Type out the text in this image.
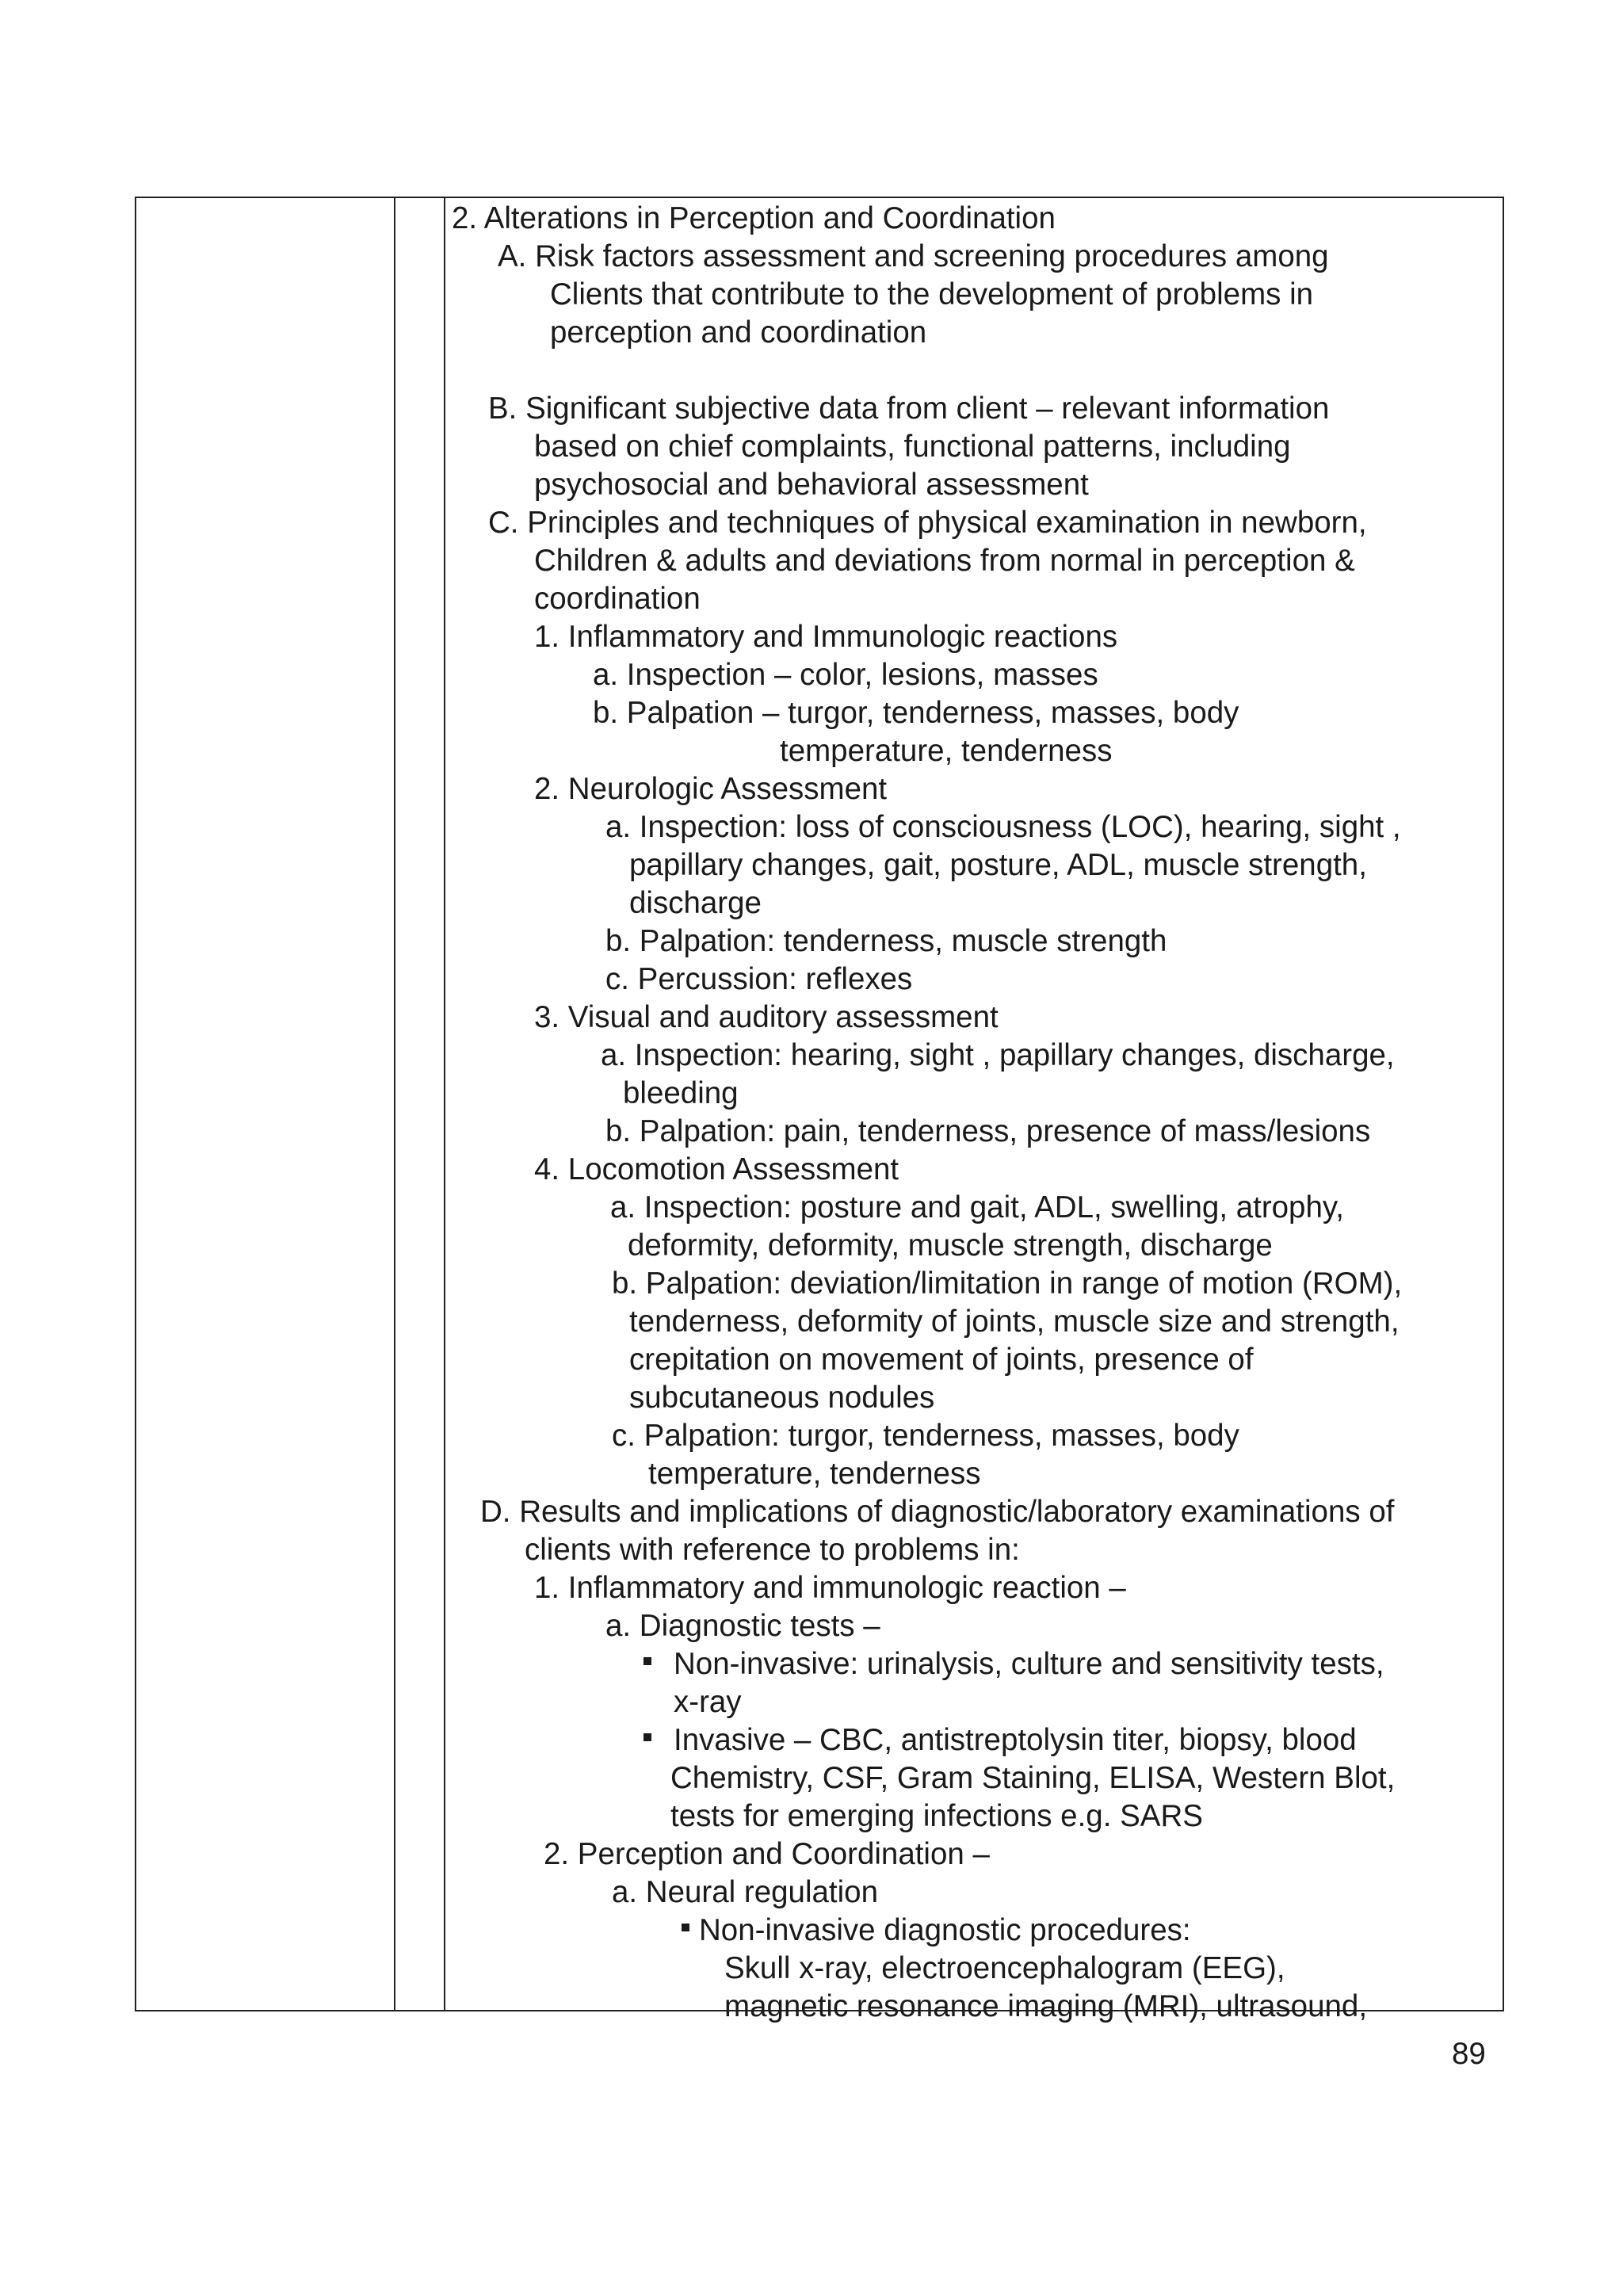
2. Alterations in Perception and Coordination
A. Risk factors assessment and screening procedures among
Clients that contribute to the development of problems in
perception and coordination
B. Significant subjective data from client – relevant information
based on chief complaints, functional patterns, including
psychosocial and behavioral assessment
C. Principles and techniques of physical examination in newborn,
Children & adults and deviations from normal in perception &
coordination
1. Inflammatory and Immunologic reactions
a. Inspection – color, lesions, masses
b. Palpation – turgor, tenderness, masses, body
temperature, tenderness
2. Neurologic Assessment
a. Inspection: loss of consciousness (LOC), hearing, sight ,
papillary changes, gait, posture, ADL, muscle strength,
discharge
b. Palpation: tenderness, muscle strength
c. Percussion: reflexes
3. Visual and auditory assessment
a. Inspection: hearing, sight , papillary changes, discharge,
bleeding
b. Palpation: pain, tenderness, presence of mass/lesions
4. Locomotion Assessment
a. Inspection: posture and gait, ADL, swelling, atrophy,
deformity, deformity, muscle strength, discharge
b. Palpation: deviation/limitation in range of motion (ROM),
tenderness, deformity of joints, muscle size and strength,
crepitation on movement of joints, presence of
subcutaneous nodules
c. Palpation: turgor, tenderness, masses, body
temperature, tenderness
D. Results and implications of diagnostic/laboratory examinations of
clients with reference to problems in:
1. Inflammatory and immunologic reaction –
a. Diagnostic tests –
Non-invasive: urinalysis, culture and sensitivity tests,
x-ray
Invasive – CBC, antistreptolysin titer, biopsy, blood
Chemistry, CSF, Gram Staining, ELISA, Western Blot,
tests for emerging infections e.g. SARS
2. Perception and Coordination –
a. Neural regulation
Non-invasive diagnostic procedures:
Skull x-ray, electroencephalogram (EEG),
magnetic resonance imaging (MRI), ultrasound,
89
